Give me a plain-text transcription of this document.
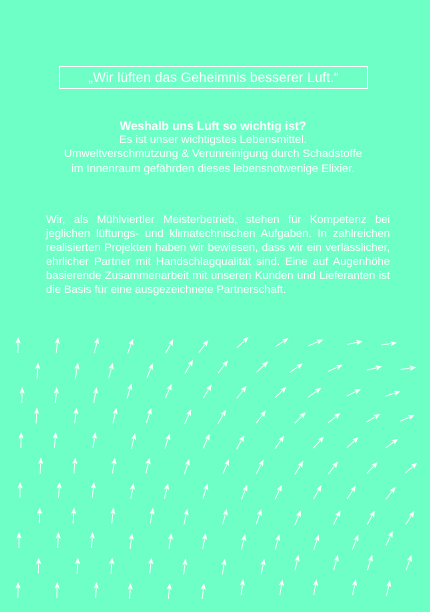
„Wir lüften das Geheimnis besserer Luft.“
Weshalb uns Luft so wichtig ist?
Es ist unser wichtigstes Lebensmittel.
Umweltverschmutzung & Verunreinigung durch Schadstoffe
im Innenraum gefährden dieses lebensnotwenige Elixier.
Wir, als Mühlviertler Meisterbetrieb, stehen für Kompetenz bei jeglichen lüftungs- und klimatechnischen Aufgaben. In zahlreichen realisierten Projekten haben wir bewiesen, dass wir ein verlässlicher, ehrlicher Partner mit Handschlagqualität sind. Eine auf Augenhöhe basierende Zusammenarbeit mit unseren Kunden und Lieferanten ist die Basis für eine ausgezeichnete Partnerschaft.
